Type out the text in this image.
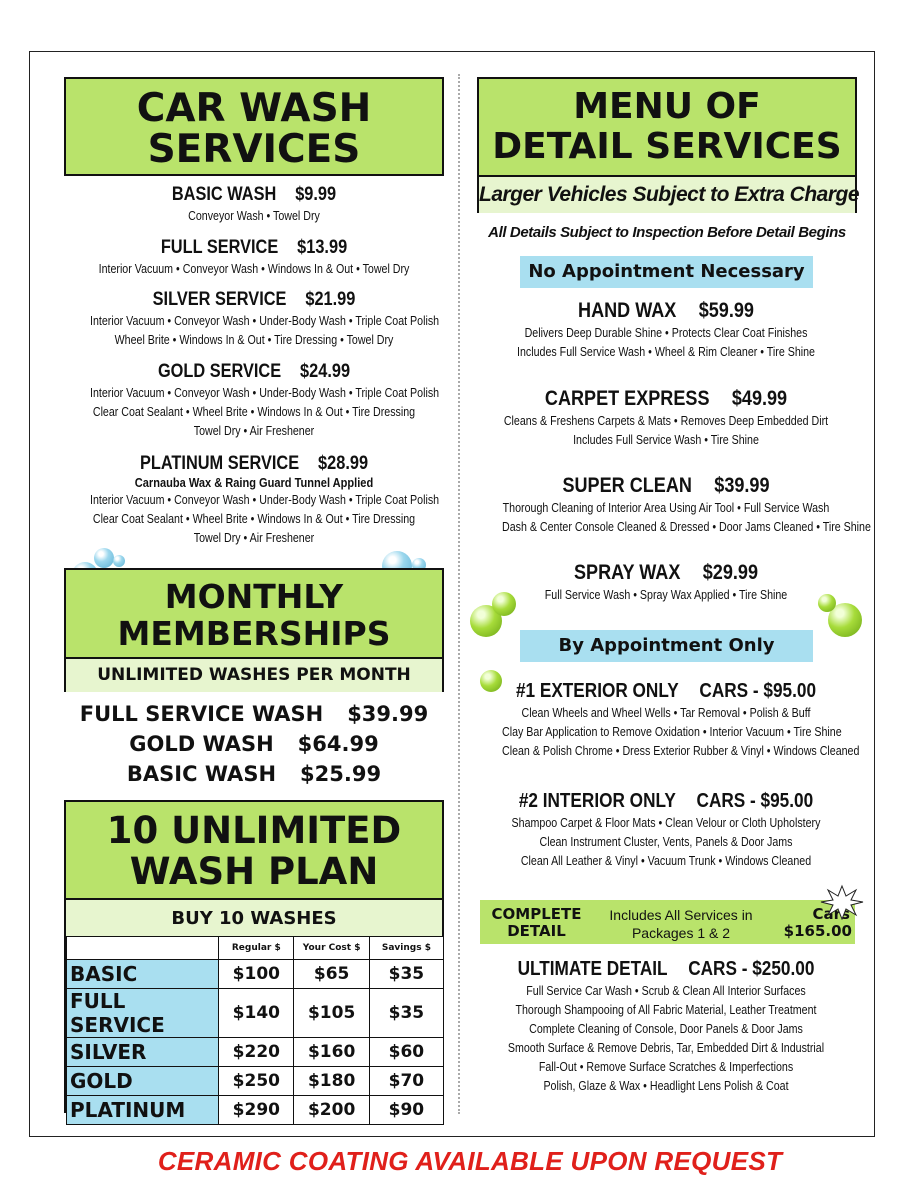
CAR WASH
SERVICES
BASIC WASH $9.99
Conveyor Wash • Towel Dry
FULL SERVICE $13.99
Interior Vacuum • Conveyor Wash • Windows In & Out • Towel Dry
SILVER SERVICE $21.99
Interior Vacuum • Conveyor Wash • Under-Body Wash • Triple Coat Polish
Wheel Brite • Windows In & Out • Tire Dressing • Towel Dry
GOLD SERVICE $24.99
Interior Vacuum • Conveyor Wash • Under-Body Wash • Triple Coat Polish
Clear Coat Sealant • Wheel Brite • Windows In & Out • Tire Dressing
Towel Dry • Air Freshener
PLATINUM SERVICE $28.99
Carnauba Wax & Raing Guard Tunnel Applied
Interior Vacuum • Conveyor Wash • Under-Body Wash • Triple Coat Polish
Clear Coat Sealant • Wheel Brite • Windows In & Out • Tire Dressing
Towel Dry • Air Freshener
MONTHLY
MEMBERSHIPS
UNLIMITED WASHES PER MONTH
FULL SERVICE WASH $39.99
GOLD WASH $64.99
BASIC WASH $25.99
10 UNLIMITED
WASH PLAN
BUY 10 WASHES
	Regular $	Your Cost $	Savings $
BASIC	$100	$65	$35
FULL SERVICE	$140	$105	$35
SILVER	$220	$160	$60
GOLD	$250	$180	$70
PLATINUM	$290	$200	$90
MENU OF
DETAIL SERVICES
Larger Vehicles Subject to Extra Charge
All Details Subject to Inspection Before Detail Begins
No Appointment Necessary
HAND WAX $59.99
Delivers Deep Durable Shine • Protects Clear Coat Finishes
Includes Full Service Wash • Wheel & Rim Cleaner • Tire Shine
CARPET EXPRESS $49.99
Cleans & Freshens Carpets & Mats • Removes Deep Embedded Dirt
Includes Full Service Wash • Tire Shine
SUPER CLEAN $39.99
Thorough Cleaning of Interior Area Using Air Tool • Full Service Wash
Dash & Center Console Cleaned & Dressed • Door Jams Cleaned • Tire Shine
SPRAY WAX $29.99
Full Service Wash • Spray Wax Applied • Tire Shine
By Appointment Only
#1 EXTERIOR ONLY CARS - $95.00
Clean Wheels and Wheel Wells • Tar Removal • Polish & Buff
Clay Bar Application to Remove Oxidation • Interior Vacuum • Tire Shine
Clean & Polish Chrome • Dress Exterior Rubber & Vinyl • Windows Cleaned
#2 INTERIOR ONLY CARS - $95.00
Shampoo Carpet & Floor Mats • Clean Velour or Cloth Upholstery
Clean Instrument Cluster, Vents, Panels & Door Jams
Clean All Leather & Vinyl • Vacuum Trunk • Windows Cleaned
COMPLETE
DETAIL
Includes All Services in
Packages 1 & 2
Cars
$165.00
ULTIMATE DETAIL CARS - $250.00
Full Service Car Wash • Scrub & Clean All Interior Surfaces
Thorough Shampooing of All Fabric Material, Leather Treatment
Complete Cleaning of Console, Door Panels & Door Jams
Smooth Surface & Remove Debris, Tar, Embedded Dirt & Industrial
Fall-Out • Remove Surface Scratches & Imperfections
Polish, Glaze & Wax • Headlight Lens Polish & Coat
CERAMIC COATING AVAILABLE UPON REQUEST
